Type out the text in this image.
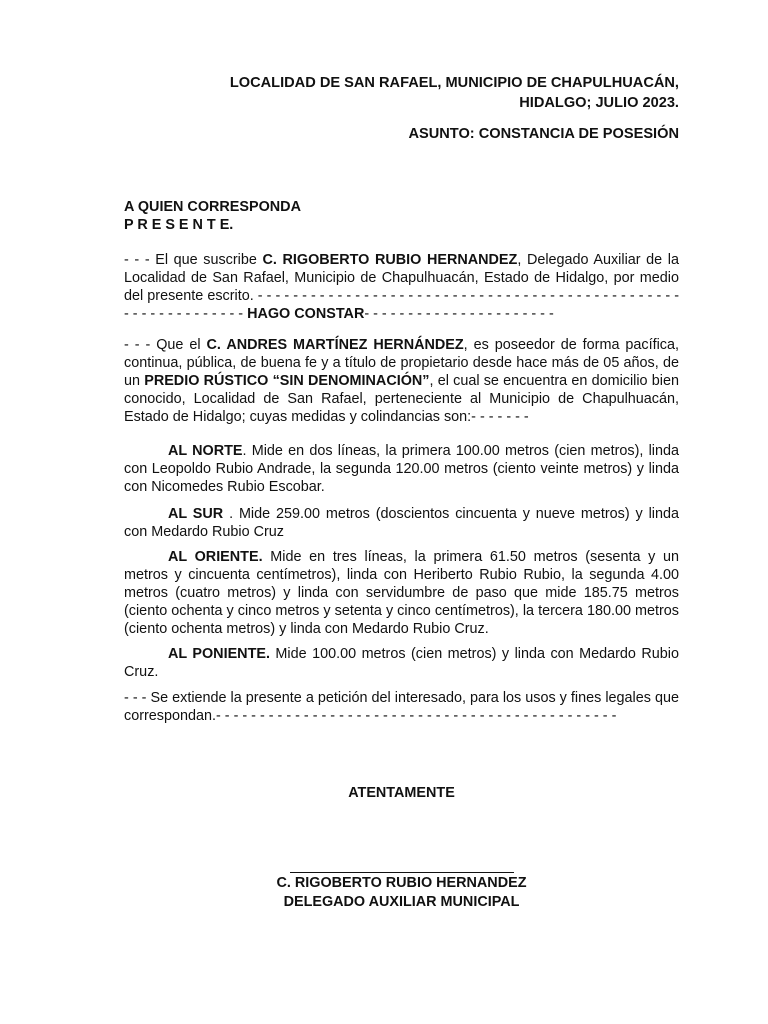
LOCALIDAD DE SAN RAFAEL, MUNICIPIO DE CHAPULHUACÁN,
HIDALGO; JULIO 2023.
ASUNTO: CONSTANCIA DE POSESIÓN
A QUIEN CORRESPONDA
P R E S E N T E.

- - - El que suscribe C. RIGOBERTO RUBIO HERNANDEZ, Delegado Auxiliar de la Localidad de San Rafael, Municipio de Chapulhuacán, Estado de Hidalgo, por medio del presente escrito. - - - - - - - - - - - - - - - - - - - - - - - - - - - - - - - - - - - - - - - - - - - - - - - - - - - - - - - - - - - - - - HAGO CONSTAR- - - - - - - - - - - - - - - - - - - - - -

- - - Que el C. ANDRES MARTÍNEZ HERNÁNDEZ, es poseedor de forma pacífica, continua, pública, de buena fe y a título de propietario desde hace más de 05 años, de un PREDIO RÚSTICO “SIN DENOMINACIÓN”, el cual se encuentra en domicilio bien conocido, Localidad de San Rafael, perteneciente al Municipio de Chapulhuacán, Estado de Hidalgo; cuyas medidas y colindancias son:- - - - - - -

AL NORTE. Mide en dos líneas, la primera 100.00 metros (cien metros), linda con Leopoldo Rubio Andrade, la segunda 120.00 metros (ciento veinte metros) y linda con Nicomedes Rubio Escobar.

AL SUR . Mide 259.00 metros (doscientos cincuenta y nueve metros) y linda con Medardo Rubio Cruz

AL ORIENTE. Mide en tres líneas, la primera 61.50 metros (sesenta y un metros y cincuenta centímetros), linda con Heriberto Rubio Rubio, la segunda 4.00 metros (cuatro metros) y linda con servidumbre de paso que mide 185.75 metros (ciento ochenta y cinco metros y setenta y cinco centímetros), la tercera 180.00 metros (ciento ochenta metros) y linda con Medardo Rubio Cruz.

AL PONIENTE. Mide 100.00 metros (cien metros) y linda con Medardo Rubio Cruz.

- - - Se extiende la presente a petición del interesado, para los usos y fines legales que correspondan.- - - - - - - - - - - - - - - - - - - - - - - - - - - - - - - - - - - - - - - - - - - - - -

ATENTAMENTE
C. RIGOBERTO RUBIO HERNANDEZ
DELEGADO AUXILIAR MUNICIPAL
